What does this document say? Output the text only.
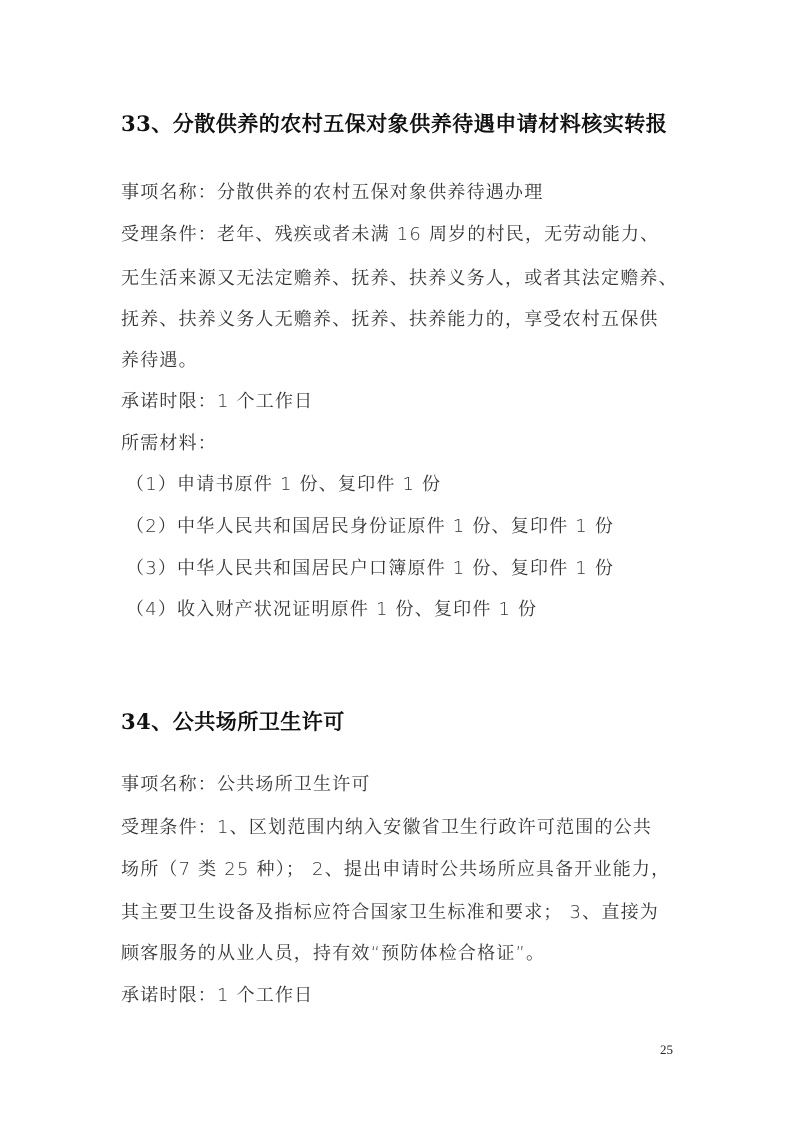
33、分散供养的农村五保对象供养待遇申请材料核实转报
事项名称：分散供养的农村五保对象供养待遇办理
受理条件：老年、残疾或者未满 16 周岁的村民，无劳动能力、
无生活来源又无法定赡养、抚养、扶养义务人，或者其法定赡养、
抚养、扶养义务人无赡养、抚养、扶养能力的，享受农村五保供
养待遇。
承诺时限：1 个工作日
所需材料：
（1）申请书原件 1 份、复印件 1 份
（2）中华人民共和国居民身份证原件 1 份、复印件 1 份
（3）中华人民共和国居民户口簿原件 1 份、复印件 1 份
（4）收入财产状况证明原件 1 份、复印件 1 份
34、公共场所卫生许可
事项名称：公共场所卫生许可
受理条件：1、区划范围内纳入安徽省卫生行政许可范围的公共
场所（7 类 25 种）； 2、提出申请时公共场所应具备开业能力，
其主要卫生设备及指标应符合国家卫生标准和要求； 3、直接为
顾客服务的从业人员，持有效“预防体检合格证”。
承诺时限：1 个工作日
25
